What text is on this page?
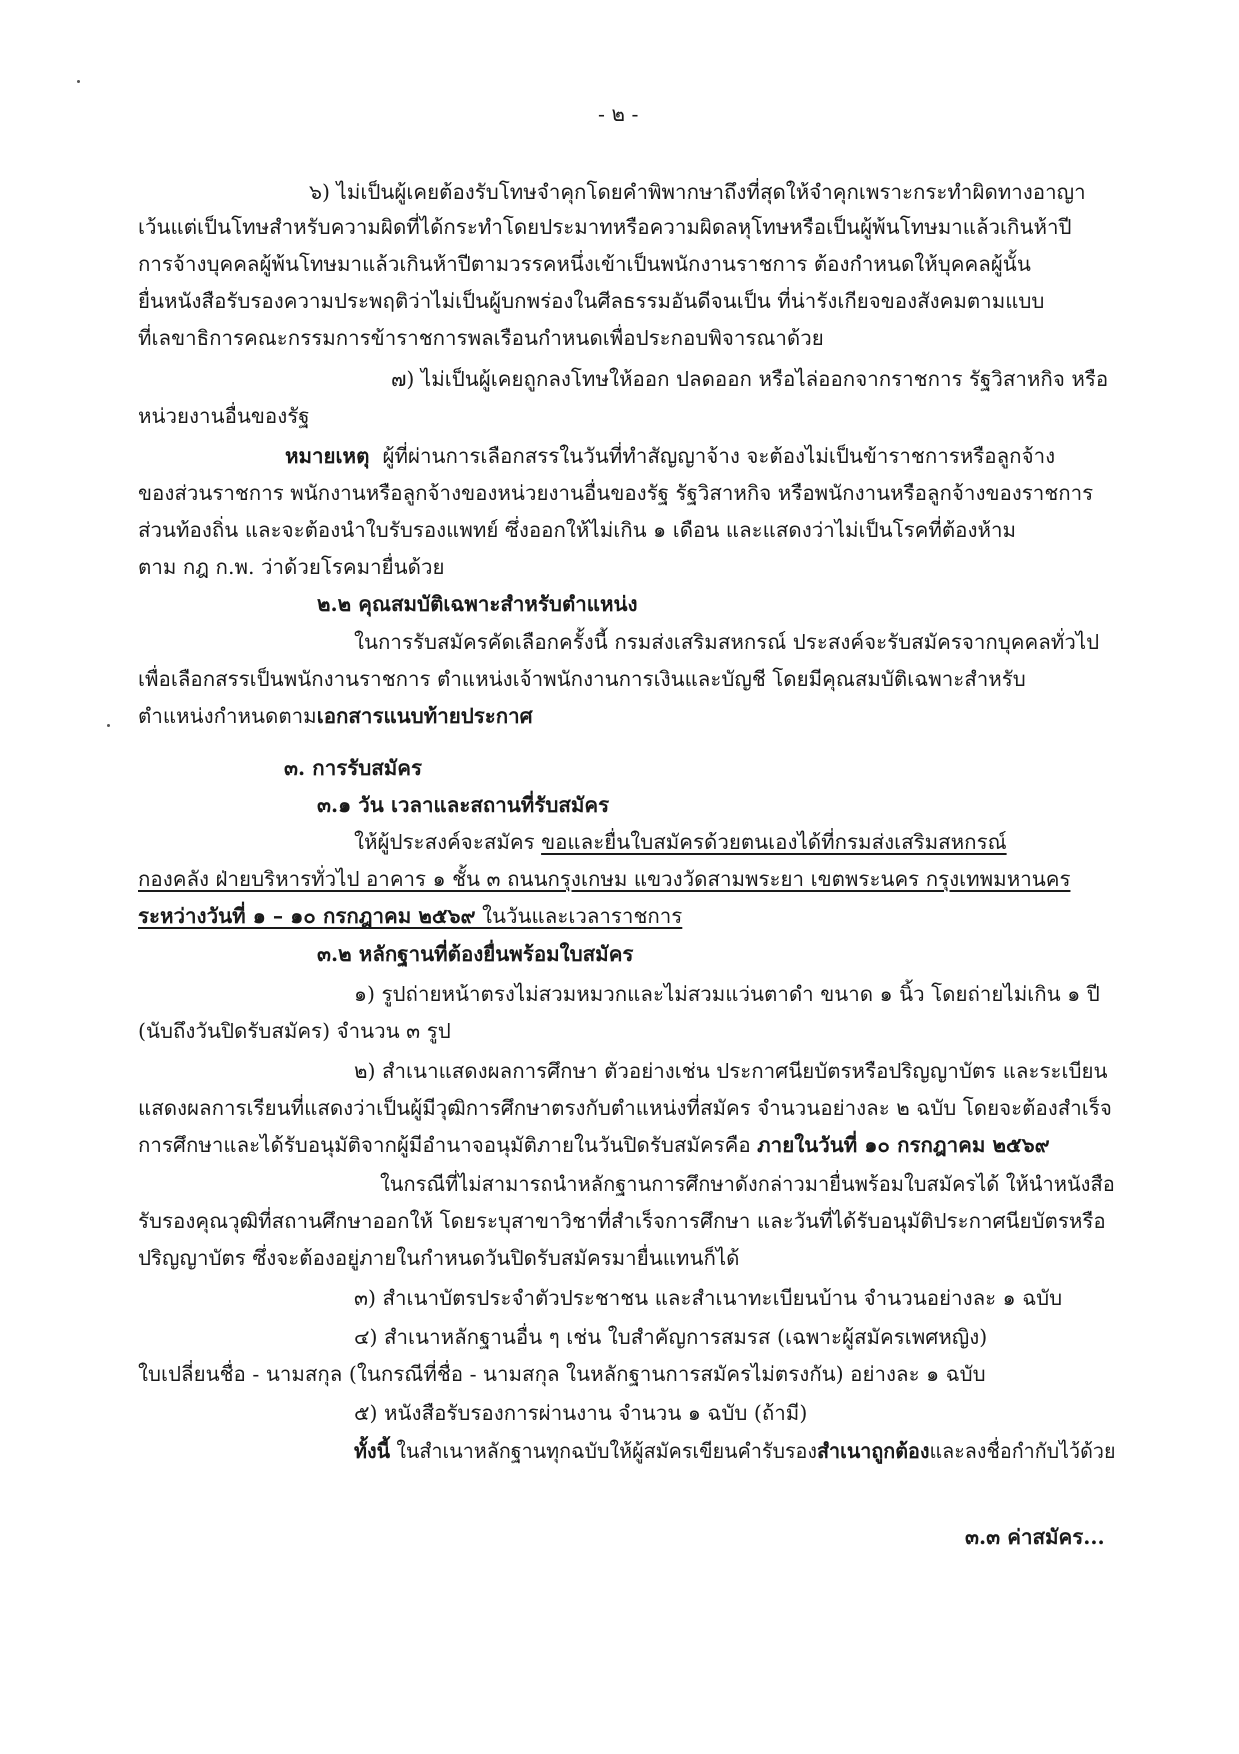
- ๒ -
๖) ไม่เป็นผู้เคยต้องรับโทษจำคุกโดยคำพิพากษาถึงที่สุดให้จำคุกเพราะกระทำผิดทางอาญา
เว้นแต่เป็นโทษสำหรับความผิดที่ได้กระทำโดยประมาทหรือความผิดลหุโทษหรือเป็นผู้พ้นโทษมาแล้วเกินห้าปี
การจ้างบุคคลผู้พ้นโทษมาแล้วเกินห้าปีตามวรรคหนึ่งเข้าเป็นพนักงานราชการ ต้องกำหนดให้บุคคลผู้นั้น
ยื่นหนังสือรับรองความประพฤติว่าไม่เป็นผู้บกพร่องในศีลธรรมอันดีจนเป็น ที่น่ารังเกียจของสังคมตามแบบ
ที่เลขาธิการคณะกรรมการข้าราชการพลเรือนกำหนดเพื่อประกอบพิจารณาด้วย
๗) ไม่เป็นผู้เคยถูกลงโทษให้ออก ปลดออก หรือไล่ออกจากราชการ รัฐวิสาหกิจ หรือ
หน่วยงานอื่นของรัฐ
หมายเหตุ ผู้ที่ผ่านการเลือกสรรในวันที่ทำสัญญาจ้าง จะต้องไม่เป็นข้าราชการหรือลูกจ้าง
ของส่วนราชการ พนักงานหรือลูกจ้างของหน่วยงานอื่นของรัฐ รัฐวิสาหกิจ หรือพนักงานหรือลูกจ้างของราชการ
ส่วนท้องถิ่น และจะต้องนำใบรับรองแพทย์ ซึ่งออกให้ไม่เกิน ๑ เดือน และแสดงว่าไม่เป็นโรคที่ต้องห้าม
ตาม กฎ ก.พ. ว่าด้วยโรคมายื่นด้วย
๒.๒ คุณสมบัติเฉพาะสำหรับตำแหน่ง
ในการรับสมัครคัดเลือกครั้งนี้ กรมส่งเสริมสหกรณ์ ประสงค์จะรับสมัครจากบุคคลทั่วไป
เพื่อเลือกสรรเป็นพนักงานราชการ ตำแหน่งเจ้าพนักงานการเงินและบัญชี โดยมีคุณสมบัติเฉพาะสำหรับ
ตำแหน่งกำหนดตามเอกสารแนบท้ายประกาศ
๓. การรับสมัคร
๓.๑ วัน เวลาและสถานที่รับสมัคร
ให้ผู้ประสงค์จะสมัคร ขอและยื่นใบสมัครด้วยตนเองได้ที่กรมส่งเสริมสหกรณ์
กองคลัง ฝ่ายบริหารทั่วไป อาคาร ๑ ชั้น ๓ ถนนกรุงเกษม แขวงวัดสามพระยา เขตพระนคร กรุงเทพมหานคร
ระหว่างวันที่ ๑ – ๑๐ กรกฎาคม ๒๕๖๙ ในวันและเวลาราชการ
๓.๒ หลักฐานที่ต้องยื่นพร้อมใบสมัคร
๑) รูปถ่ายหน้าตรงไม่สวมหมวกและไม่สวมแว่นตาดำ ขนาด ๑ นิ้ว โดยถ่ายไม่เกิน ๑ ปี
(นับถึงวันปิดรับสมัคร) จำนวน ๓ รูป
๒) สำเนาแสดงผลการศึกษา ตัวอย่างเช่น ประกาศนียบัตรหรือปริญญาบัตร และระเบียน
แสดงผลการเรียนที่แสดงว่าเป็นผู้มีวุฒิการศึกษาตรงกับตำแหน่งที่สมัคร จำนวนอย่างละ ๒ ฉบับ โดยจะต้องสำเร็จ
การศึกษาและได้รับอนุมัติจากผู้มีอำนาจอนุมัติภายในวันปิดรับสมัครคือ ภายในวันที่ ๑๐ กรกฎาคม ๒๕๖๙
ในกรณีที่ไม่สามารถนำหลักฐานการศึกษาดังกล่าวมายื่นพร้อมใบสมัครได้ ให้นำหนังสือ
รับรองคุณวุฒิที่สถานศึกษาออกให้ โดยระบุสาขาวิชาที่สำเร็จการศึกษา และวันที่ได้รับอนุมัติประกาศนียบัตรหรือ
ปริญญาบัตร ซึ่งจะต้องอยู่ภายในกำหนดวันปิดรับสมัครมายื่นแทนก็ได้
๓) สำเนาบัตรประจำตัวประชาชน และสำเนาทะเบียนบ้าน จำนวนอย่างละ ๑ ฉบับ
๔) สำเนาหลักฐานอื่น ๆ เช่น ใบสำคัญการสมรส (เฉพาะผู้สมัครเพศหญิง)
ใบเปลี่ยนชื่อ - นามสกุล (ในกรณีที่ชื่อ - นามสกุล ในหลักฐานการสมัครไม่ตรงกัน) อย่างละ ๑ ฉบับ
๕) หนังสือรับรองการผ่านงาน จำนวน ๑ ฉบับ (ถ้ามี)
ทั้งนี้ ในสำเนาหลักฐานทุกฉบับให้ผู้สมัครเขียนคำรับรองสำเนาถูกต้องและลงชื่อกำกับไว้ด้วย
๓.๓ ค่าสมัคร...
